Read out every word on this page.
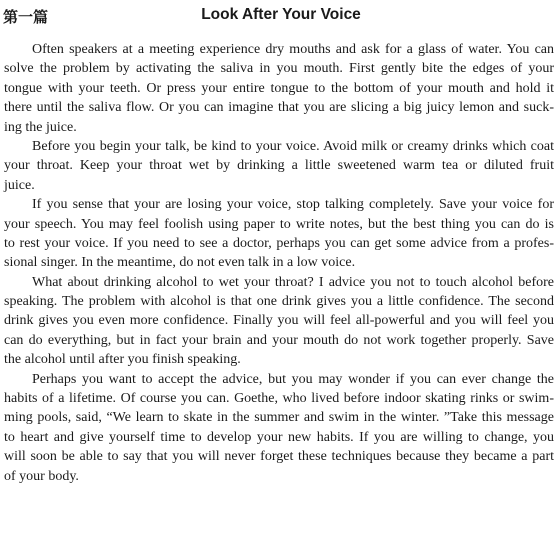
第一篇	Look After Your Voice
Often speakers at a meeting experience dry mouths and ask for a glass of water. You can
solve the problem by activating the saliva in you mouth. First gently bite the edges of your
tongue with your teeth. Or press your entire tongue to the bottom of your mouth and hold it
there until the saliva flow. Or you can imagine that you are slicing a big juicy lemon and suck-
ing the juice.
Before you begin your talk, be kind to your voice. Avoid milk or creamy drinks which coat
your throat. Keep your throat wet by drinking a little sweetened warm tea or diluted fruit
juice.
If you sense that your are losing your voice, stop talking completely. Save your voice for
your speech. You may feel foolish using paper to write notes, but the best thing you can do is
to rest your voice. If you need to see a doctor, perhaps you can get some advice from a profes-
sional singer. In the meantime, do not even talk in a low voice.
What about drinking alcohol to wet your throat? I advice you not to touch alcohol before
speaking. The problem with alcohol is that one drink gives you a little confidence. The second
drink gives you even more confidence. Finally you will feel all-powerful and you will feel you
can do everything, but in fact your brain and your mouth do not work together properly. Save
the alcohol until after you finish speaking.
Perhaps you want to accept the advice, but you may wonder if you can ever change the
habits of a lifetime. Of course you can. Goethe, who lived before indoor skating rinks or swim-
ming pools, said, “We learn to skate in the summer and swim in the winter. ”Take this message
to heart and give yourself time to develop your new habits. If you are willing to change, you
will soon be able to say that you will never forget these techniques because they became a part
of your body.
